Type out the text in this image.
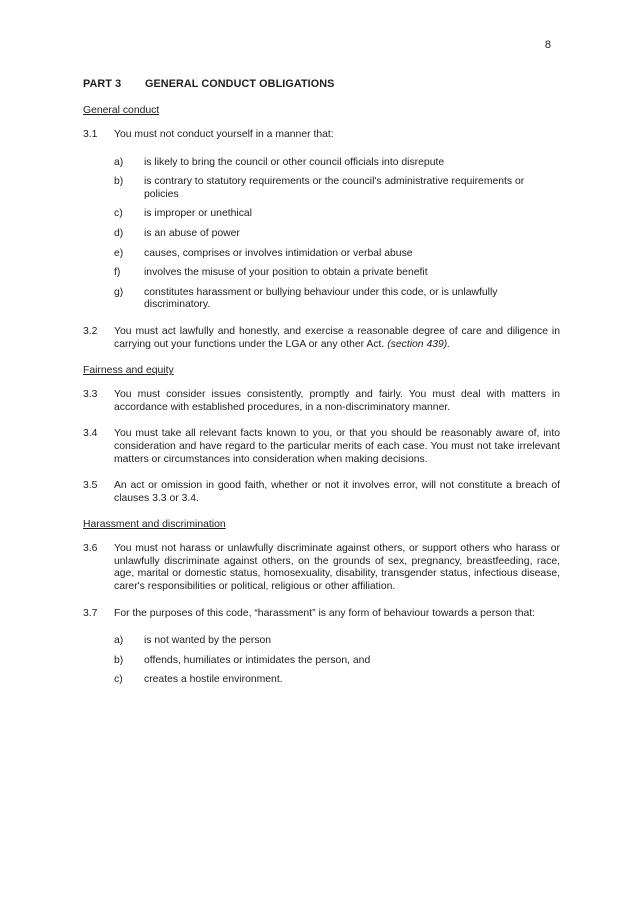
8
PART 3 GENERAL CONDUCT OBLIGATIONS
General conduct
3.1	You must not conduct yourself in a manner that:
a)	is likely to bring the council or other council officials into disrepute
b)	is contrary to statutory requirements or the council's administrative requirements or policies
c)	is improper or unethical
d)	is an abuse of power
e)	causes, comprises or involves intimidation or verbal abuse
f)	involves the misuse of your position to obtain a private benefit
g)	constitutes harassment or bullying behaviour under this code, or is unlawfully discriminatory.
3.2	You must act lawfully and honestly, and exercise a reasonable degree of care and diligence in carrying out your functions under the LGA or any other Act. (section 439).
Fairness and equity
3.3	You must consider issues consistently, promptly and fairly. You must deal with matters in accordance with established procedures, in a non-discriminatory manner.
3.4	You must take all relevant facts known to you, or that you should be reasonably aware of, into consideration and have regard to the particular merits of each case. You must not take irrelevant matters or circumstances into consideration when making decisions.
3.5	An act or omission in good faith, whether or not it involves error, will not constitute a breach of clauses 3.3 or 3.4.
Harassment and discrimination
3.6	You must not harass or unlawfully discriminate against others, or support others who harass or unlawfully discriminate against others, on the grounds of sex, pregnancy, breastfeeding, race, age, marital or domestic status, homosexuality, disability, transgender status, infectious disease, carer's responsibilities or political, religious or other affiliation.
3.7	For the purposes of this code, “harassment” is any form of behaviour towards a person that:
a)	is not wanted by the person
b)	offends, humiliates or intimidates the person, and
c)	creates a hostile environment.
